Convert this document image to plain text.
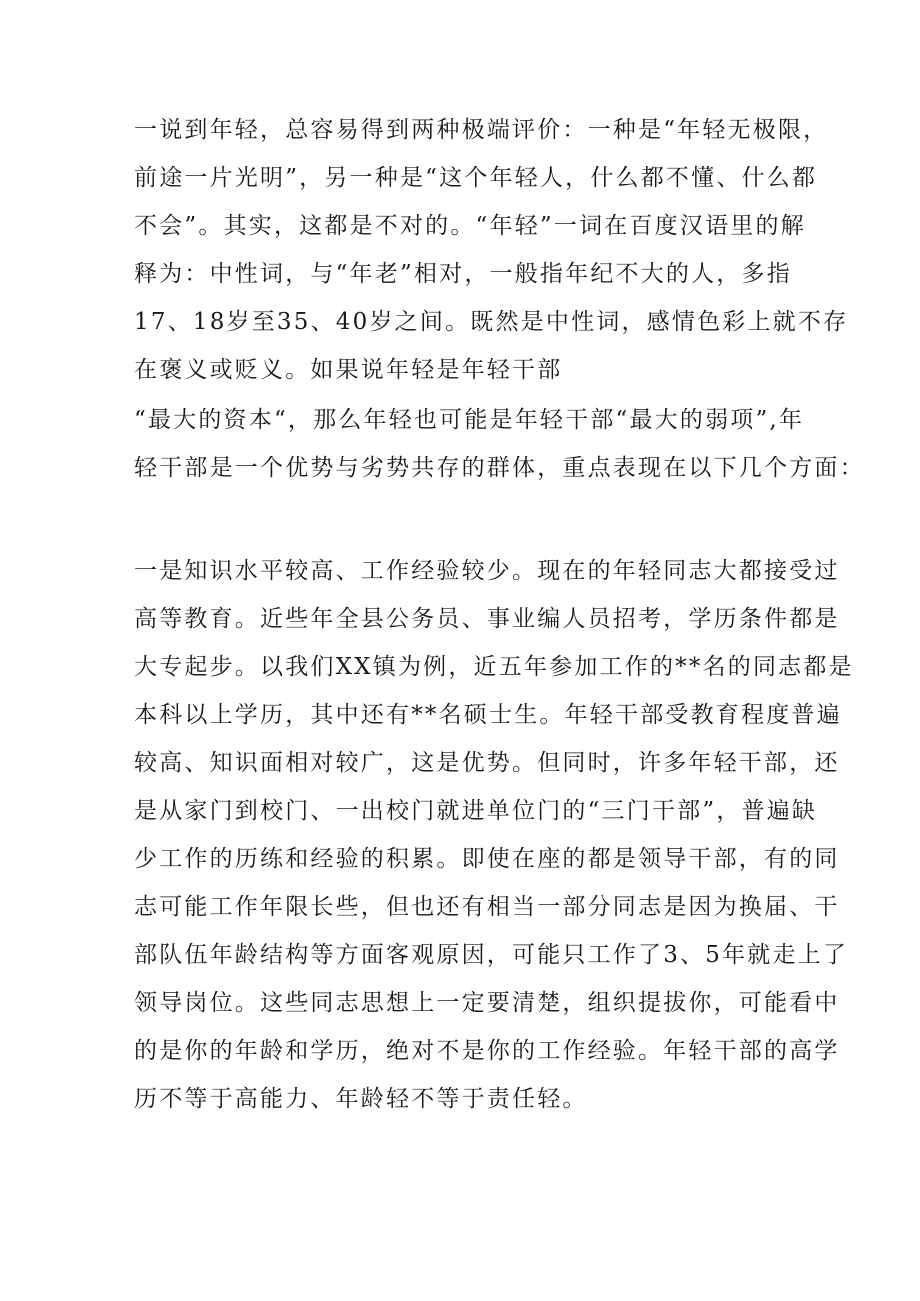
一说到年轻，总容易得到两种极端评价：一种是“年轻无极限，
前途一片光明”，另一种是“这个年轻人，什么都不懂、什么都
不会”。其实，这都是不对的。“年轻”一词在百度汉语里的解
释为：中性词，与“年老”相对，一般指年纪不大的人，多指
17、18岁至35、40岁之间。既然是中性词，感情色彩上就不存
在褒义或贬义。如果说年轻是年轻干部
“最大的资本“，那么年轻也可能是年轻干部“最大的弱项”,年
轻干部是一个优势与劣势共存的群体，重点表现在以下几个方面：
一是知识水平较高、工作经验较少。现在的年轻同志大都接受过
高等教育。近些年全县公务员、事业编人员招考，学历条件都是
大专起步。以我们XX镇为例，近五年参加工作的**名的同志都是
本科以上学历，其中还有**名硕士生。年轻干部受教育程度普遍
较高、知识面相对较广，这是优势。但同时，许多年轻干部，还
是从家门到校门、一出校门就进单位门的“三门干部”，普遍缺
少工作的历练和经验的积累。即使在座的都是领导干部，有的同
志可能工作年限长些，但也还有相当一部分同志是因为换届、干
部队伍年龄结构等方面客观原因，可能只工作了3、5年就走上了
领导岗位。这些同志思想上一定要清楚，组织提拔你，可能看中
的是你的年龄和学历，绝对不是你的工作经验。年轻干部的高学
历不等于高能力、年龄轻不等于责任轻。
